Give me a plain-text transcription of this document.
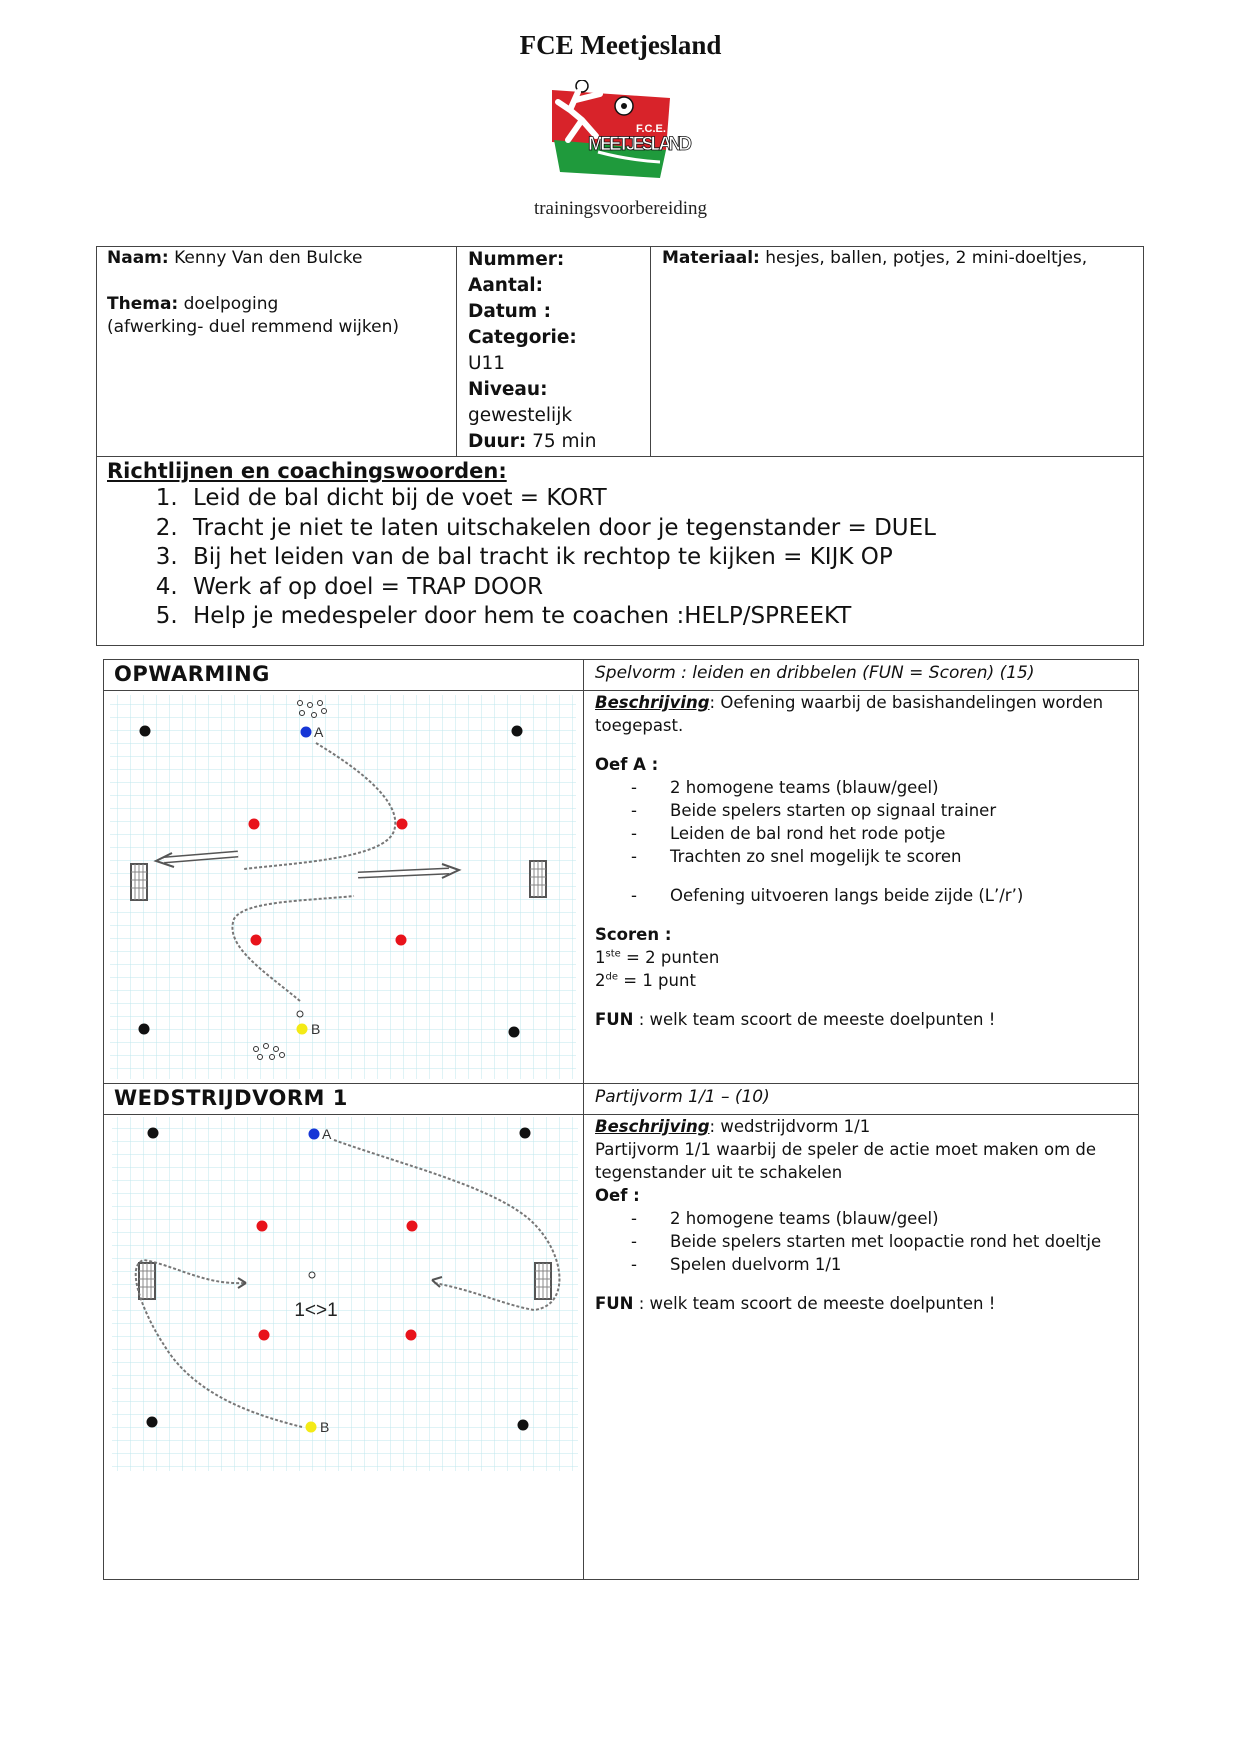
FCE Meetjesland
F.C.E.
MEETJESLAND
trainingsvoorbereiding
Naam: Kenny Van den Bulcke
Thema: doelpoging
(afwerking- duel remmend wijken)
Nummer:
Aantal:
Datum :
Categorie:
U11
Niveau:
gewestelijk
Duur: 75 min
Materiaal: hesjes, ballen, potjes, 2 mini-doeltjes,
Richtlijnen en coachingswoorden:
1. Leid de bal dicht bij de voet = KORT
2. Tracht je niet te laten uitschakelen door je tegenstander = DUEL
3. Bij het leiden van de bal tracht ik rechtop te kijken = KIJK OP
4. Werk af op doel = TRAP DOOR
5. Help je medespeler door hem te coachen :HELP/SPREEKT
OPWARMING	Spelvorm : leiden en dribbelen (FUN = Scoren) (15)
A
B

Beschrijving: Oefening waarbij de basishandelingen worden toegepast.

Oef A :

- 2 homogene teams (blauw/geel)
- Beide spelers starten op signaal trainer
- Leiden de bal rond het rode potje
- Trachten zo snel mogelijk te scoren
- Oefening uitvoeren langs beide zijde (L’/r’)

Scoren :

1ste = 2 punten

2de = 1 punt

FUN : welk team scoort de meeste doelpunten !

WEDSTRIJDVORM 1	Partijvorm 1/1 – (10)
1<>1
A
B

Beschrijving: wedstrijdvorm 1/1

Partijvorm 1/1 waarbij de speler de actie moet maken om de tegenstander uit te schakelen

Oef :

- 2 homogene teams (blauw/geel)
- Beide spelers starten met loopactie rond het doeltje
- Spelen duelvorm 1/1

FUN : welk team scoort de meeste doelpunten !
